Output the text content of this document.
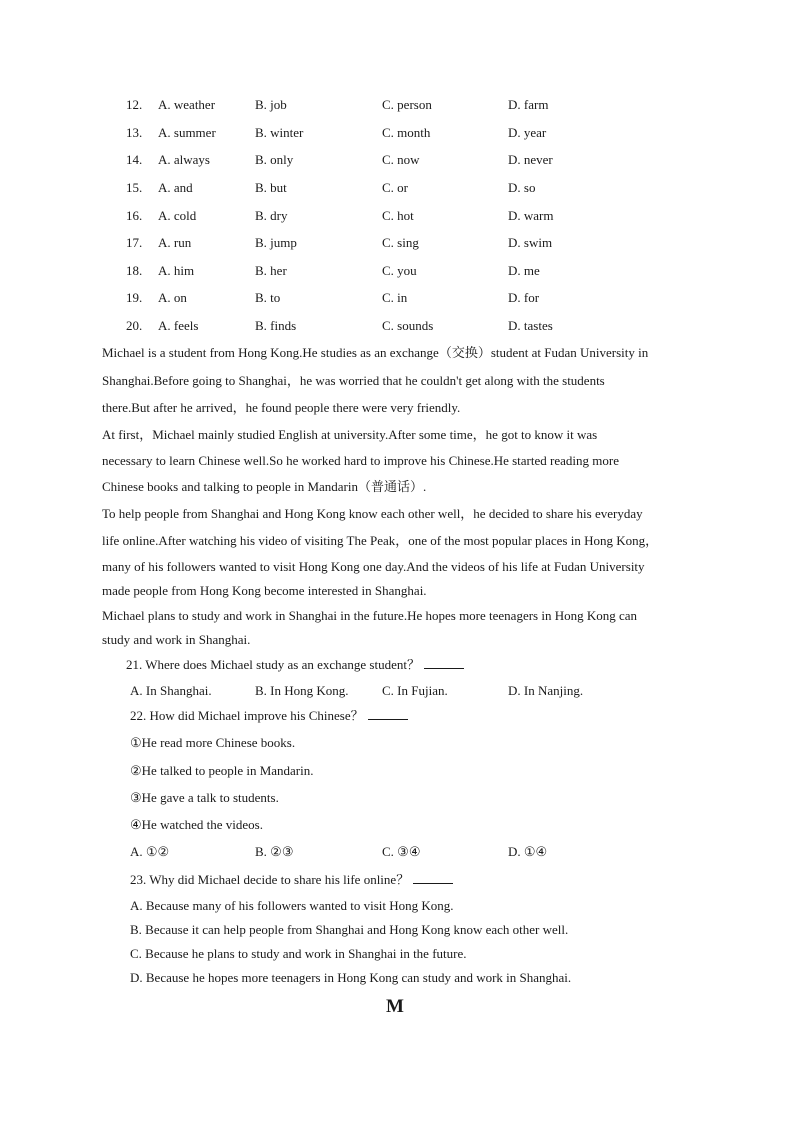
12. A. weather	B. job	C. person	D. farm
13. A. summer	B. winter	C. month	D. year
14. A. always	B. only	C. now	D. never
15. A. and	B. but	C. or	D. so
16. A. cold	B. dry	C. hot	D. warm
17. A. run	B. jump	C. sing	D. swim
18. A. him	B. her	C. you	D. me
19. A. on	B. to	C. in	D. for
20. A. feels	B. finds	C. sounds	D. tastes
Michael is a student from Hong Kong.He studies as an exchange（交换）student at Fudan University in
Shanghai.Before going to Shanghai，he was worried that he couldn't get along with the students
there.But after he arrived，he found people there were very friendly.
At first，Michael mainly studied English at university.After some time，he got to know it was
necessary to learn Chinese well.So he worked hard to improve his Chinese.He started reading more
Chinese books and talking to people in Mandarin（普通话）.
To help people from Shanghai and Hong Kong know each other well，he decided to share his everyday
life online.After watching his video of visiting The Peak，one of the most popular places in Hong Kong，
many of his followers wanted to visit Hong Kong one day.And the videos of his life at Fudan University
made people from Hong Kong become interested in Shanghai.
Michael plans to study and work in Shanghai in the future.He hopes more teenagers in Hong Kong can
study and work in Shanghai.
21. Where does Michael study as an exchange student？
A. In Shanghai.	B. In Hong Kong.	C. In Fujian.	D. In Nanjing.
22. How did Michael improve his Chinese？
①He read more Chinese books.
②He talked to people in Mandarin.
③He gave a talk to students.
④He watched the videos.
A. ①②	B. ②③	C. ③④	D. ①④
23. Why did Michael decide to share his life online？
A. Because many of his followers wanted to visit Hong Kong.
B. Because it can help people from Shanghai and Hong Kong know each other well.
C. Because he plans to study and work in Shanghai in the future.
D. Because he hopes more teenagers in Hong Kong can study and work in Shanghai.
M
